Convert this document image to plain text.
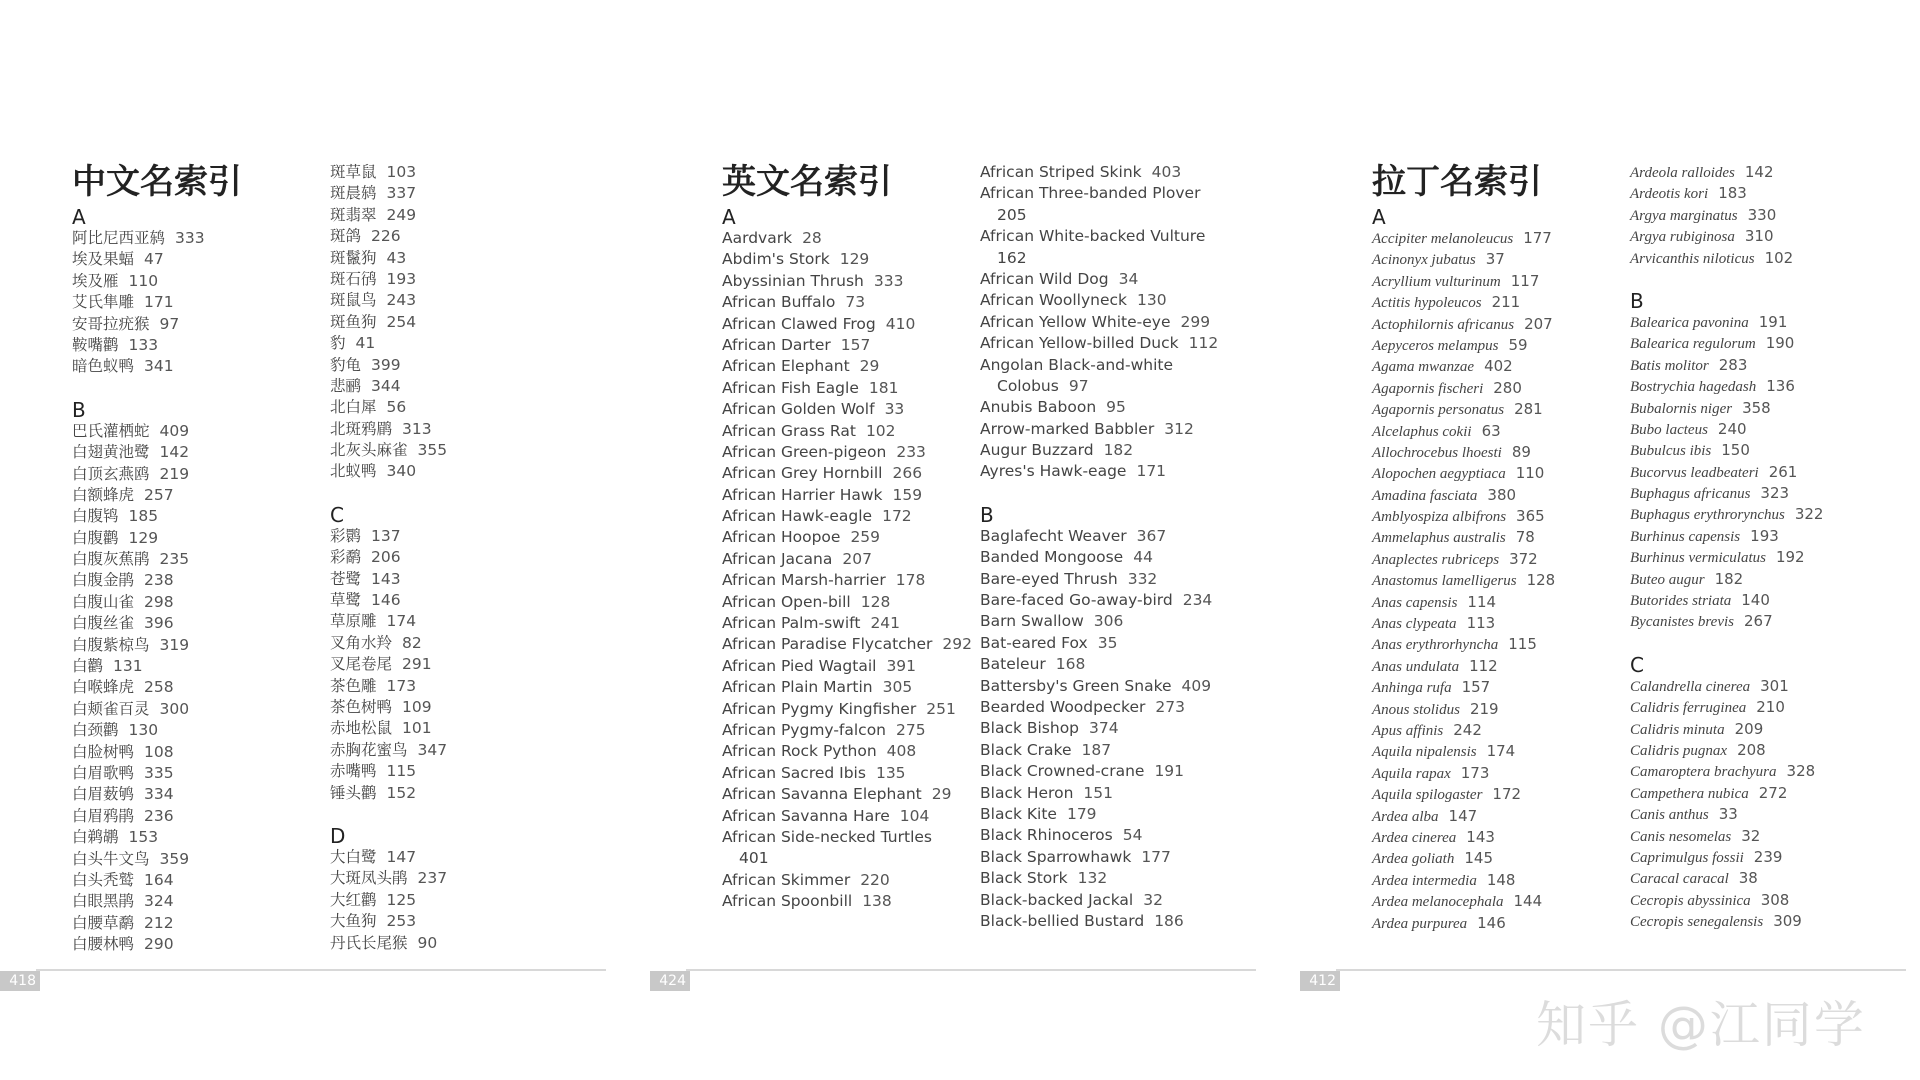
中文名索引
A
阿比尼西亚鸫 333
埃及果蝠 47
埃及雁 110
艾氏隼雕 171
安哥拉疣猴 97
鞍嘴鹳 133
暗色蚁鸭 341
B
巴氏灌栖蛇 409
白翅黄池鹭 142
白顶玄燕鸥 219
白额蜂虎 257
白腹鸨 185
白腹鹳 129
白腹灰蕉鹃 235
白腹金鹃 238
白腹山雀 298
白腹丝雀 396
白腹紫椋鸟 319
白鹳 131
白喉蜂虎 258
白颊雀百灵 300
白颈鹳 130
白脸树鸭 108
白眉歌鸭 335
白眉薮鸲 334
白眉鸦鹃 236
白鹈鹕 153
白头牛文鸟 359
白头秃鹫 164
白眼黑鹃 324
白腰草鹬 212
白腰林鸭 290
斑草鼠 103
斑晨鸫 337
斑翡翠 249
斑鸽 226
斑鬣狗 43
斑石鸻 193
斑鼠鸟 243
斑鱼狗 254
豹 41
豹龟 399
悲鹂 344
北白犀 56
北斑鸦鹛 313
北灰头麻雀 355
北蚁鸭 340
C
彩鹮 137
彩鹬 206
苍鹭 143
草鹭 146
草原雕 174
叉角水羚 82
叉尾卷尾 291
茶色雕 173
茶色树鸭 109
赤地松鼠 101
赤胸花蜜鸟 347
赤嘴鸭 115
锤头鹳 152
D
大白鹭 147
大斑凤头鹃 237
大红鹳 125
大鱼狗 253
丹氏长尾猴 90
418
英文名索引
A
Aardvark 28
Abdim's Stork 129
Abyssinian Thrush 333
African Buffalo 73
African Clawed Frog 410
African Darter 157
African Elephant 29
African Fish Eagle 181
African Golden Wolf 33
African Grass Rat 102
African Green-pigeon 233
African Grey Hornbill 266
African Harrier Hawk 159
African Hawk-eagle 172
African Hoopoe 259
African Jacana 207
African Marsh-harrier 178
African Open-bill 128
African Palm-swift 241
African Paradise Flycatcher 292
African Pied Wagtail 391
African Plain Martin 305
African Pygmy Kingfisher 251
African Pygmy-falcon 275
African Rock Python 408
African Sacred Ibis 135
African Savanna Elephant 29
African Savanna Hare 104
African Side-necked Turtles
401
African Skimmer 220
African Spoonbill 138
African Striped Skink 403
African Three-banded Plover
205
African White-backed Vulture
162
African Wild Dog 34
African Woollyneck 130
African Yellow White-eye 299
African Yellow-billed Duck 112
Angolan Black-and-white
Colobus 97
Anubis Baboon 95
Arrow-marked Babbler 312
Augur Buzzard 182
Ayres's Hawk-eage 171
B
Baglafecht Weaver 367
Banded Mongoose 44
Bare-eyed Thrush 332
Bare-faced Go-away-bird 234
Barn Swallow 306
Bat-eared Fox 35
Bateleur 168
Battersby's Green Snake 409
Bearded Woodpecker 273
Black Bishop 374
Black Crake 187
Black Crowned-crane 191
Black Heron 151
Black Kite 179
Black Rhinoceros 54
Black Sparrowhawk 177
Black Stork 132
Black-backed Jackal 32
Black-bellied Bustard 186
424
拉丁名索引
A
Accipiter melanoleucus 177
Acinonyx jubatus 37
Acryllium vulturinum 117
Actitis hypoleucos 211
Actophilornis africanus 207
Aepyceros melampus 59
Agama mwanzae 402
Agapornis fischeri 280
Agapornis personatus 281
Alcelaphus cokii 63
Allochrocebus lhoesti 89
Alopochen aegyptiaca 110
Amadina fasciata 380
Amblyospiza albifrons 365
Ammelaphus australis 78
Anaplectes rubriceps 372
Anastomus lamelligerus 128
Anas capensis 114
Anas clypeata 113
Anas erythrorhyncha 115
Anas undulata 112
Anhinga rufa 157
Anous stolidus 219
Apus affinis 242
Aquila nipalensis 174
Aquila rapax 173
Aquila spilogaster 172
Ardea alba 147
Ardea cinerea 143
Ardea goliath 145
Ardea intermedia 148
Ardea melanocephala 144
Ardea purpurea 146
Ardeola ralloides 142
Ardeotis kori 183
Argya marginatus 330
Argya rubiginosa 310
Arvicanthis niloticus 102
B
Balearica pavonina 191
Balearica regulorum 190
Batis molitor 283
Bostrychia hagedash 136
Bubalornis niger 358
Bubo lacteus 240
Bubulcus ibis 150
Bucorvus leadbeateri 261
Buphagus africanus 323
Buphagus erythrorynchus 322
Burhinus capensis 193
Burhinus vermiculatus 192
Buteo augur 182
Butorides striata 140
Bycanistes brevis 267
C
Calandrella cinerea 301
Calidris ferruginea 210
Calidris minuta 209
Calidris pugnax 208
Camaroptera brachyura 328
Campethera nubica 272
Canis anthus 33
Canis nesomelas 32
Caprimulgus fossii 239
Caracal caracal 38
Cecropis abyssinica 308
Cecropis senegalensis 309
412
知乎 @江同学
